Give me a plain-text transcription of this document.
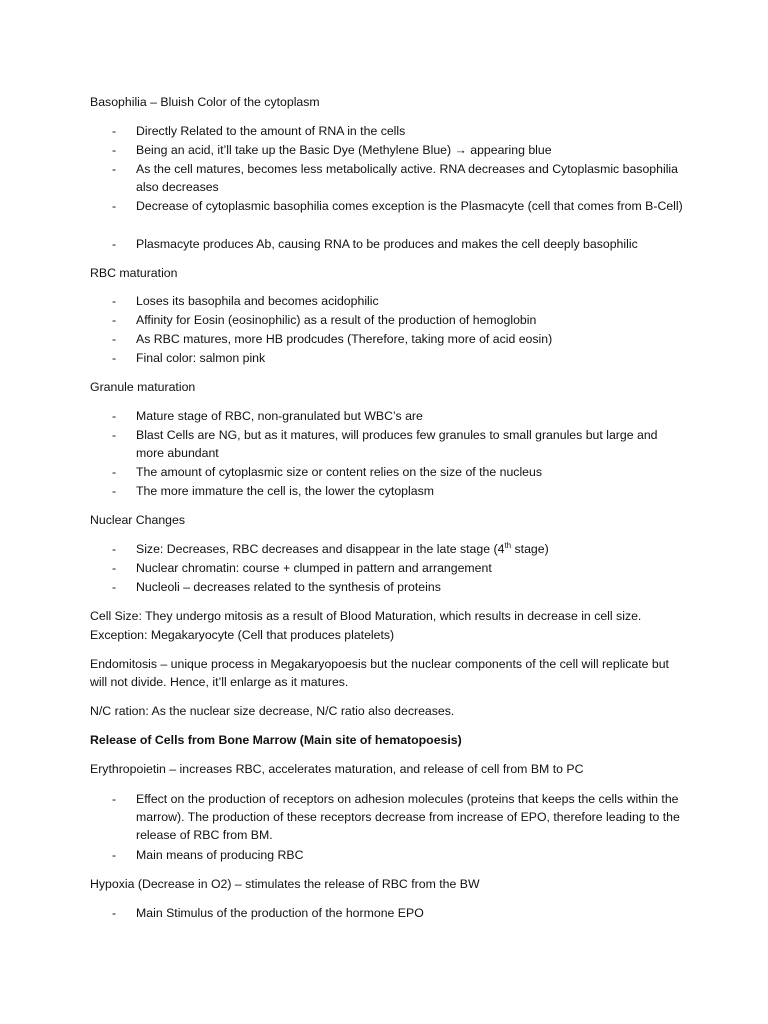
Basophilia – Bluish Color of the cytoplasm

- Directly Related to the amount of RNA in the cells
- Being an acid, it’ll take up the Basic Dye (Methylene Blue) → appearing blue
- As the cell matures, becomes less metabolically active. RNA decreases and Cytoplasmic basophilia also decreases
- Decrease of cytoplasmic basophilia comes exception is the Plasmacyte (cell that comes from B-Cell)
- Plasmacyte produces Ab, causing RNA to be produces and makes the cell deeply basophilic

RBC maturation

- Loses its basophila and becomes acidophilic
- Affinity for Eosin (eosinophilic) as a result of the production of hemoglobin
- As RBC matures, more HB prodcudes (Therefore, taking more of acid eosin)
- Final color: salmon pink

Granule maturation

- Mature stage of RBC, non-granulated but WBC’s are
- Blast Cells are NG, but as it matures, will produces few granules to small granules but large and more abundant
- The amount of cytoplasmic size or content relies on the size of the nucleus
- The more immature the cell is, the lower the cytoplasm

Nuclear Changes

- Size: Decreases, RBC decreases and disappear in the late stage (4th stage)
- Nuclear chromatin: course + clumped in pattern and arrangement
- Nucleoli – decreases related to the synthesis of proteins

Cell Size: They undergo mitosis as a result of Blood Maturation, which results in decrease in cell size.

Exception: Megakaryocyte (Cell that produces platelets)

Endomitosis – unique process in Megakaryopoesis but the nuclear components of the cell will replicate but will not divide. Hence, it’ll enlarge as it matures.

N/C ration: As the nuclear size decrease, N/C ratio also decreases.

Release of Cells from Bone Marrow (Main site of hematopoesis)

Erythropoietin – increases RBC, accelerates maturation, and release of cell from BM to PC

- Effect on the production of receptors on adhesion molecules (proteins that keeps the cells within the marrow). The production of these receptors decrease from increase of EPO, therefore leading to the release of RBC from BM.
- Main means of producing RBC

Hypoxia (Decrease in O2) – stimulates the release of RBC from the BW

- Main Stimulus of the production of the hormone EPO
